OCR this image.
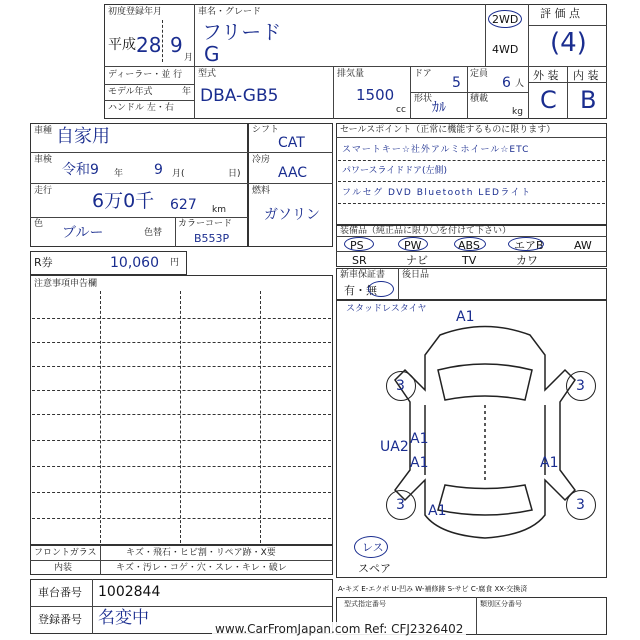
初度登録年月
平成 28 9
月
車名・グレード
フリード
G
2WD
4WD
評 価 点
(4)
ディーラー・並 行
モデル年式	年
ハンドル 左・右
型式
DBA-GB5
排気量
1500
cc
ドア
5
定員
6 人
形状
ｶﾙ
積載
kg
外 装 内 装
C B
車種 自家用
車検
令和9 年 9 月(	日)
走行 6万0千 627 km
色
ブルー	色替
カラーコード
B553P
シフト
CAT
冷房
AAC
燃料
ガソリン
R券	10,060 円
セールスポイント（正常に機能するものに限ります）
スマートキー☆社外アルミホイール☆ETC
パワースライドドア(左側)
フルセグ DVD Bluetooth LEDライト
装備品（純正品に限り〇を付けて下さい）
PS	PW	ABS	エアB	AW
SR	ナビ	TV	カワ
新車保証書
有・無
後日品
注意事項申告欄
スタッドレスタイヤ A1
3	3
UA2 A1
A1	A1
3	3
A1
レス
スペア
フロントガラス	キズ・飛石・ヒビ割・リペア跡・X要
内装	キズ・汚レ・コゲ・穴・スレ・キレ・破レ
車台番号 1002844
登録番号 名変中
A-キズ E-エクボ U-凹み W-補修跡 S-サビ C-腐食 XX-交換済
型式指定番号	類別区分番号
www.CarFromJapan.com Ref: CFJ2326402
